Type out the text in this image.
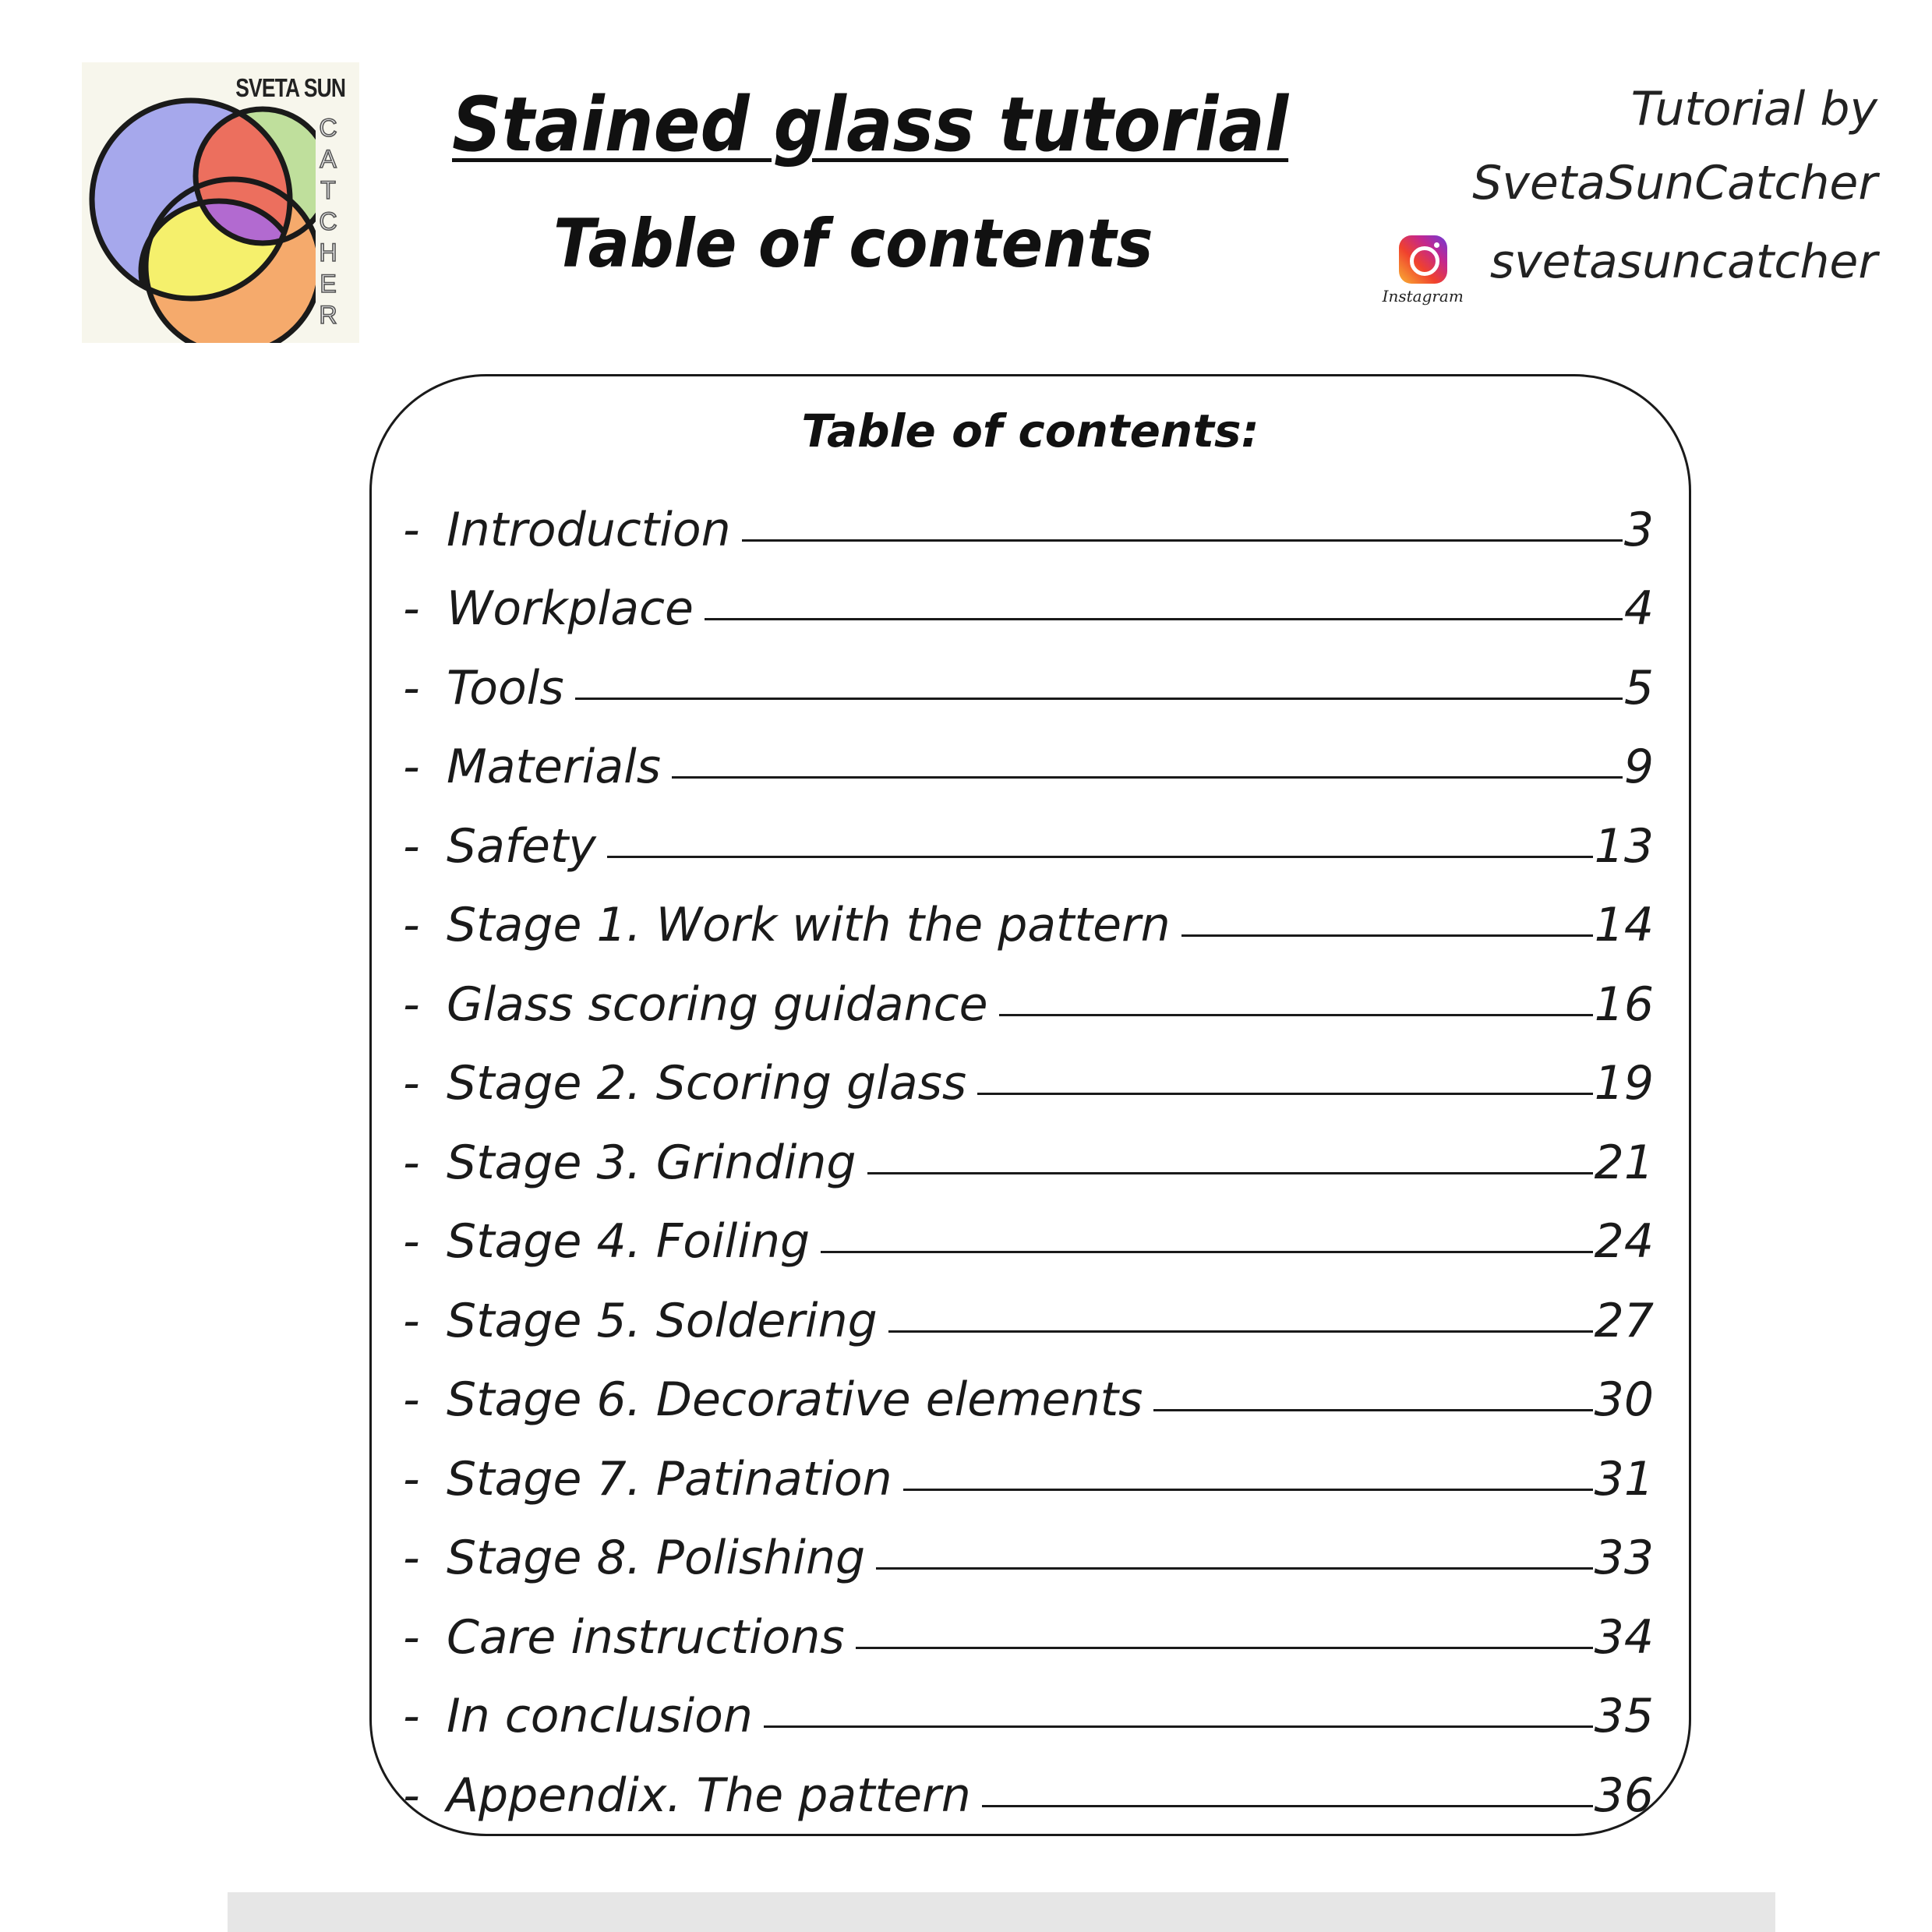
SVETA SUN
C
A
T
C
H
E
R
Stained glass tutorial
Table of contents
Tutorial by
SvetaSunCatcher
Instagram
svetasuncatcher
Table of contents:
- Introduction	3
- Workplace	4
- Tools	5
- Materials	9
- Safety	13
- Stage 1. Work with the pattern	14
- Glass scoring guidance	16
- Stage 2. Scoring glass	19
- Stage 3. Grinding	21
- Stage 4. Foiling	24
- Stage 5. Soldering	27
- Stage 6. Decorative elements	30
- Stage 7. Patination	31
- Stage 8. Polishing	33
- Care instructions	34
- In conclusion	35
- Appendix. The pattern	36
